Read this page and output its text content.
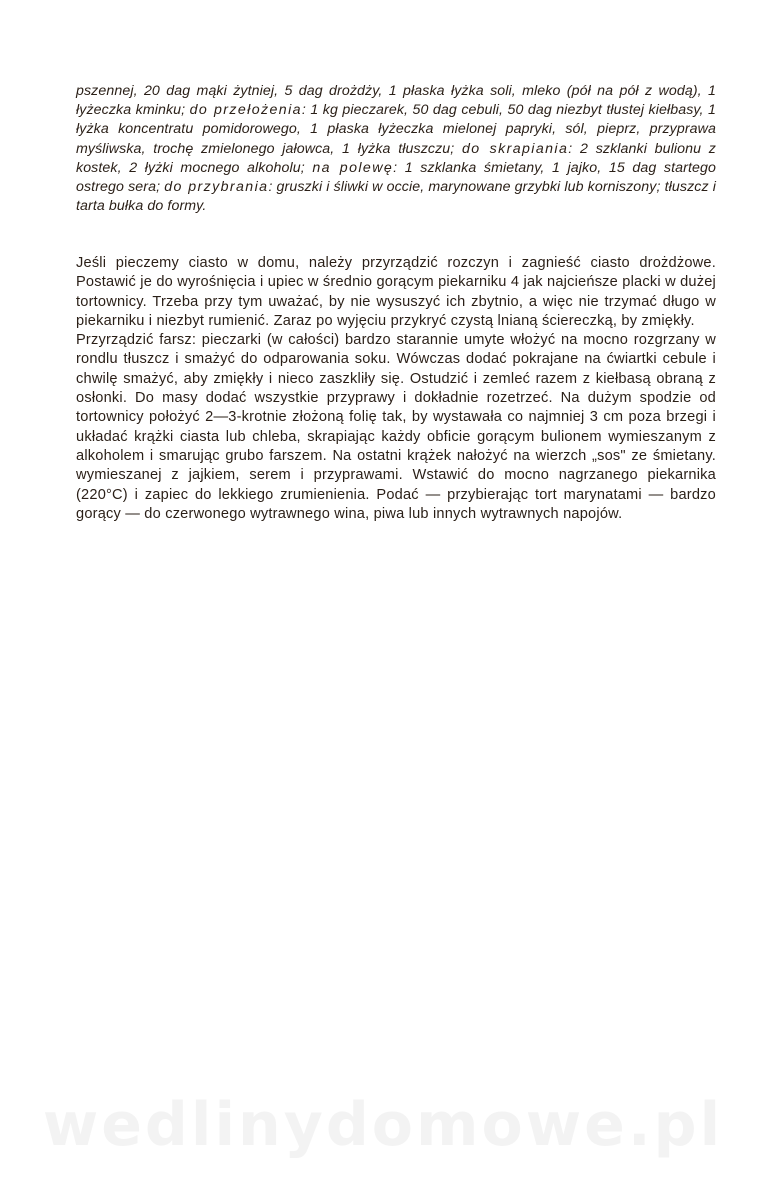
pszennej, 20 dag mąki żytniej, 5 dag drożdży, 1 płaska łyżka soli, mleko (pół na pół z wodą), 1 łyżeczka kminku; do przełożenia: 1 kg pieczarek, 50 dag cebuli, 50 dag niezbyt tłustej kiełbasy, 1 łyżka koncentratu pomidorowego, 1 płaska łyżeczka mielonej papryki, sól, pieprz, przyprawa myśliwska, trochę zmielonego jałowca, 1 łyżka tłuszczu; do skrapiania: 2 szklanki bulionu z kostek, 2 łyżki mocnego alkoholu; na polewę: 1 szklanka śmietany, 1 jajko, 15 dag startego ostrego sera; do przybrania: gruszki i śliwki w occie, marynowane grzybki lub korniszony; tłuszcz i tarta bułka do formy.

Jeśli pieczemy ciasto w domu, należy przyrządzić rozczyn i zagnieść ciasto drożdżowe. Postawić je do wyrośnięcia i upiec w średnio gorącym piekarniku 4 jak najcieńsze placki w dużej tortownicy. Trzeba przy tym uważać, by nie wysuszyć ich zbytnio, a więc nie trzymać długo w piekarniku i niezbyt rumienić. Zaraz po wyjęciu przykryć czystą lnianą ściereczką, by zmiękły.

Przyrządzić farsz: pieczarki (w całości) bardzo starannie umyte włożyć na mocno rozgrzany w rondlu tłuszcz i smażyć do odparowania soku. Wówczas dodać pokrajane na ćwiartki cebule i chwilę smażyć, aby zmiękły i nieco zaszkliły się. Ostudzić i zemleć razem z kiełbasą obraną z osłonki. Do masy dodać wszystkie przyprawy i dokładnie rozetrzeć. Na dużym spodzie od tortownicy położyć 2—3-krotnie złożoną folię tak, by wystawała co najmniej 3 cm poza brzegi i układać krążki ciasta lub chleba, skrapiając każdy obficie gorącym bulionem wymieszanym z alkoholem i smarując grubo farszem. Na ostatni krążek nałożyć na wierzch „sos" ze śmietany. wymieszanej z jajkiem, serem i przyprawami. Wstawić do mocno nagrzanego piekarnika (220°C) i zapiec do lekkiego zrumienienia. Podać — przybierając tort marynatami — bardzo gorący — do czerwonego wytrawnego wina, piwa lub innych wytrawnych napojów.

wedlinydomowe.pl
